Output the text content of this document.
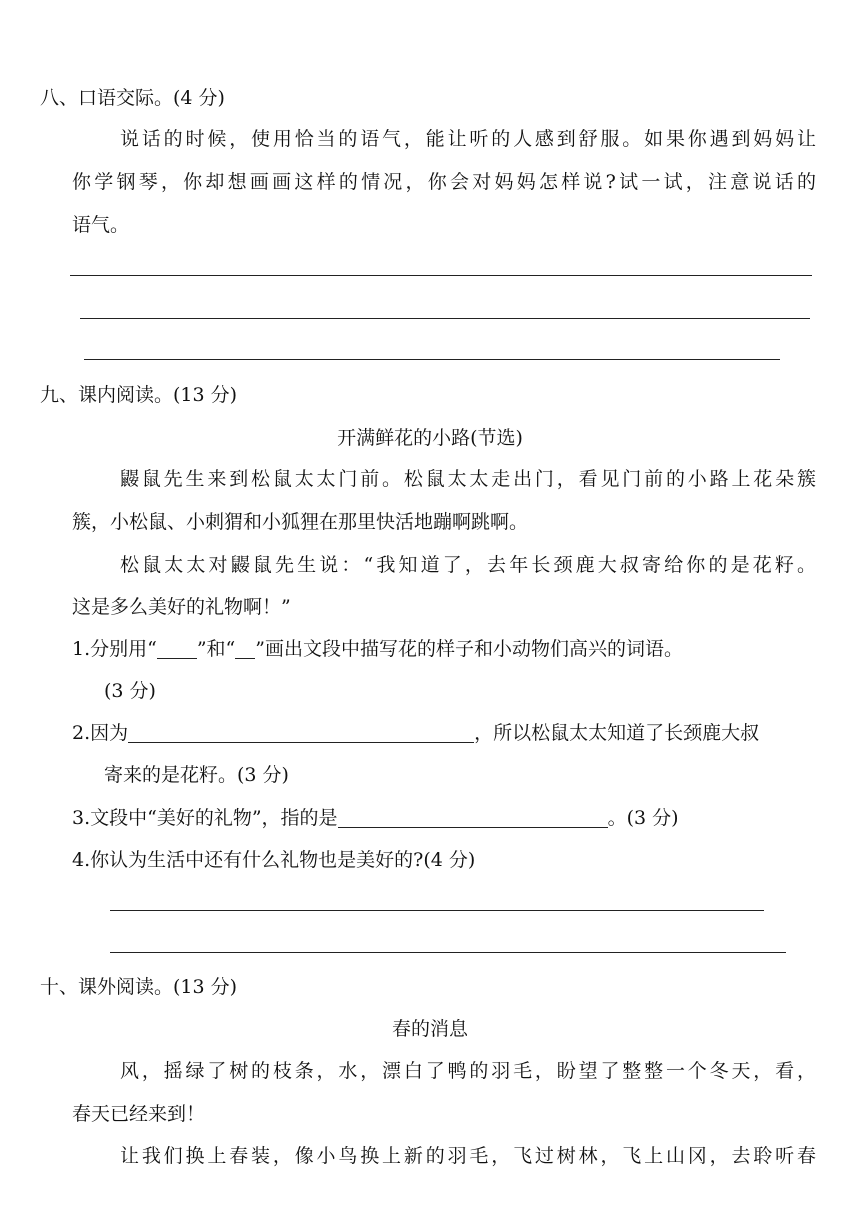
八、口语交际。(4 分)
说话的时候，使用恰当的语气，能让听的人感到舒服。如果你遇到妈妈让
你学钢琴，你却想画画这样的情况，你会对妈妈怎样说?试一试，注意说话的
语气。
九、课内阅读。(13 分)
开满鲜花的小路(节选)
鼹鼠先生来到松鼠太太门前。松鼠太太走出门，看见门前的小路上花朵簇
簇，小松鼠、小刺猬和小狐狸在那里快活地蹦啊跳啊。
松鼠太太对鼹鼠先生说：“我知道了，去年长颈鹿大叔寄给你的是花籽。
这是多么美好的礼物啊！”
1.分别用“ ”和“ ”画出文段中描写花的样子和小动物们高兴的词语。
(3 分)
2.因为	，所以松鼠太太知道了长颈鹿大叔
寄来的是花籽。(3 分)
3.文段中“美好的礼物”，指的是	。(3 分)
4.你认为生活中还有什么礼物也是美好的?(4 分)
十、课外阅读。(13 分)
春的消息
风，摇绿了树的枝条，水，漂白了鸭的羽毛，盼望了整整一个冬天，看，
春天已经来到！
让我们换上春装，像小鸟换上新的羽毛，飞过树林，飞上山冈，去聆听春
